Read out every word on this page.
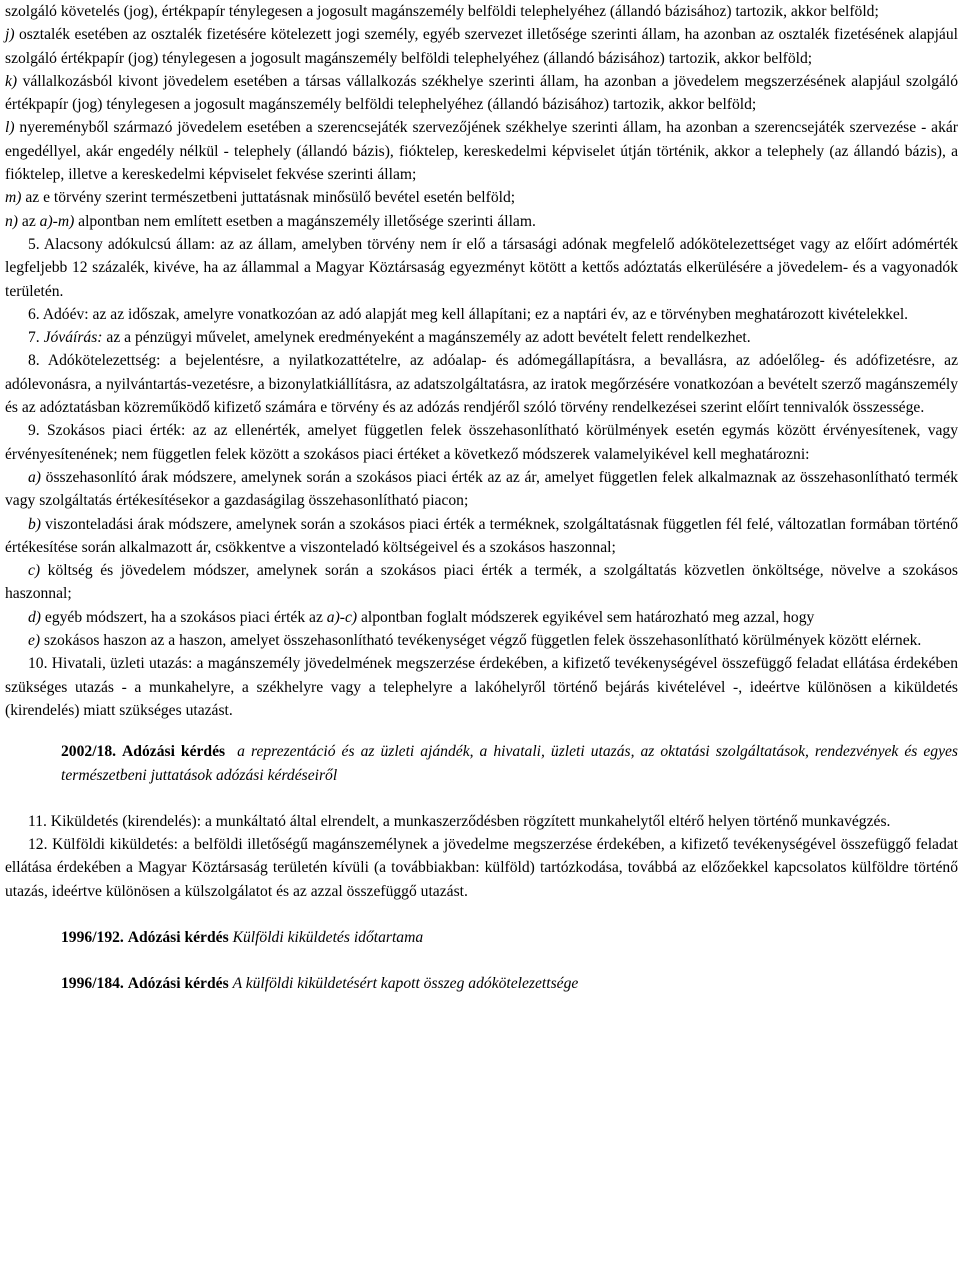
szolgáló követelés (jog), értékpapír ténylegesen a jogosult magánszemély belföldi telephelyéhez (állandó bázisához) tartozik, akkor belföld;

j) osztalék esetében az osztalék fizetésére kötelezett jogi személy, egyéb szervezet illetősége szerinti állam, ha azonban az osztalék fizetésének alapjául szolgáló értékpapír (jog) ténylegesen a jogosult magánszemély belföldi telephelyéhez (állandó bázisához) tartozik, akkor belföld;

k) vállalkozásból kivont jövedelem esetében a társas vállalkozás székhelye szerinti állam, ha azonban a jövedelem megszerzésének alapjául szolgáló értékpapír (jog) ténylegesen a jogosult magánszemély belföldi telephelyéhez (állandó bázisához) tartozik, akkor belföld;

l) nyereményből származó jövedelem esetében a szerencsejáték szervezőjének székhelye szerinti állam, ha azonban a szerencsejáték szervezése - akár engedéllyel, akár engedély nélkül - telephely (állandó bázis), fióktelep, kereskedelmi képviselet útján történik, akkor a telephely (az állandó bázis), a fióktelep, illetve a kereskedelmi képviselet fekvése szerinti állam;

m) az e törvény szerint természetbeni juttatásnak minősülő bevétel esetén belföld;

n) az a)-m) alpontban nem említett esetben a magánszemély illetősége szerinti állam.

5. Alacsony adókulcsú állam: az az állam, amelyben törvény nem ír elő a társasági adónak megfelelő adókötelezettséget vagy az előírt adómérték legfeljebb 12 százalék, kivéve, ha az állammal a Magyar Köztársaság egyezményt kötött a kettős adóztatás elkerülésére a jövedelem- és a vagyonadók területén.

6. Adóév: az az időszak, amelyre vonatkozóan az adó alapját meg kell állapítani; ez a naptári év, az e törvényben meghatározott kivételekkel.

7. Jóváírás: az a pénzügyi művelet, amelynek eredményeként a magánszemély az adott bevételt felett rendelkezhet.

8. Adókötelezettség: a bejelentésre, a nyilatkozattételre, az adóalap- és adómegállapításra, a bevallásra, az adóelőleg- és adófizetésre, az adólevonásra, a nyilvántartás-vezetésre, a bizonylatkiállításra, az adatszolgáltatásra, az iratok megőrzésére vonatkozóan a bevételt szerző magánszemély és az adóztatásban közreműködő kifizető számára e törvény és az adózás rendjéről szóló törvény rendelkezései szerint előírt tennivalók összessége.

9. Szokásos piaci érték: az az ellenérték, amelyet független felek összehasonlítható körülmények esetén egymás között érvényesítenek, vagy érvényesítenének; nem független felek között a szokásos piaci értéket a következő módszerek valamelyikével kell meghatározni:

a) összehasonlító árak módszere, amelynek során a szokásos piaci érték az az ár, amelyet független felek alkalmaznak az összehasonlítható termék vagy szolgáltatás értékesítésekor a gazdaságilag összehasonlítható piacon;

b) viszonteladási árak módszere, amelynek során a szokásos piaci érték a terméknek, szolgáltatásnak független fél felé, változatlan formában történő értékesítése során alkalmazott ár, csökkentve a viszonteladó költségeivel és a szokásos haszonnal;

c) költség és jövedelem módszer, amelynek során a szokásos piaci érték a termék, a szolgáltatás közvetlen önköltsége, növelve a szokásos haszonnal;

d) egyéb módszert, ha a szokásos piaci érték az a)-c) alpontban foglalt módszerek egyikével sem határozható meg azzal, hogy

e) szokásos haszon az a haszon, amelyet összehasonlítható tevékenységet végző független felek összehasonlítható körülmények között elérnek.

10. Hivatali, üzleti utazás: a magánszemély jövedelmének megszerzése érdekében, a kifizető tevékenységével összefüggő feladat ellátása érdekében szükséges utazás - a munkahelyre, a székhelyre vagy a telephelyre a lakóhelyről történő bejárás kivételével -, ideértve különösen a kiküldetés (kirendelés) miatt szükséges utazást.

2002/18. Adózási kérdés a reprezentáció és az üzleti ajándék, a hivatali, üzleti utazás, az oktatási szolgáltatások, rendezvények és egyes természetbeni juttatások adózási kérdéseiről

11. Kiküldetés (kirendelés): a munkáltató által elrendelt, a munkaszerződésben rögzített munkahelytől eltérő helyen történő munkavégzés.

12. Külföldi kiküldetés: a belföldi illetőségű magánszemélynek a jövedelme megszerzése érdekében, a kifizető tevékenységével összefüggő feladat ellátása érdekében a Magyar Köztársaság területén kívüli (a továbbiakban: külföld) tartózkodása, továbbá az előzőekkel kapcsolatos külföldre történő utazás, ideértve különösen a külszolgálatot és az azzal összefüggő utazást.

1996/192. Adózási kérdés Külföldi kiküldetés időtartama

1996/184. Adózási kérdés A külföldi kiküldetésért kapott összeg adókötelezettsége
